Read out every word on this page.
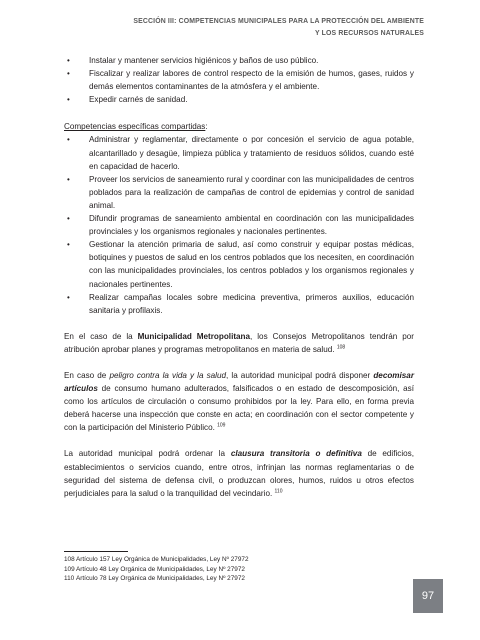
SECCIÓN III: COMPETENCIAS MUNICIPALES PARA LA PROTECCIÓN DEL AMBIENTE
Y LOS RECURSOS NATURALES
• Instalar y mantener servicios higiénicos y baños de uso público.
• Fiscalizar y realizar labores de control respecto de la emisión de humos, gases, ruidos y demás elementos contaminantes de la atmósfera y el ambiente.
• Expedir carnés de sanidad.
Competencias específicas compartidas:
• Administrar y reglamentar, directamente o por concesión el servicio de agua potable, alcantarillado y desagüe, limpieza pública y tratamiento de residuos sólidos, cuando esté en capacidad de hacerlo.
• Proveer los servicios de saneamiento rural y coordinar con las municipalidades de centros poblados para la realización de campañas de control de epidemias y control de sanidad animal.
• Difundir programas de saneamiento ambiental en coordinación con las municipalidades provinciales y los organismos regionales y nacionales pertinentes.
• Gestionar la atención primaria de salud, así como construir y equipar postas médicas, botiquines y puestos de salud en los centros poblados que los necesiten, en coordinación con las municipalidades provinciales, los centros poblados y los organismos regionales y nacionales pertinentes.
• Realizar campañas locales sobre medicina preventiva, primeros auxilios, educación sanitaria y profilaxis.

En el caso de la Municipalidad Metropolitana, los Consejos Metropolitanos tendrán por atribución aprobar planes y programas metropolitanos en materia de salud. $^{108}$

En caso de peligro contra la vida y la salud, la autoridad municipal podrá disponer decomisar artículos de consumo humano adulterados, falsificados o en estado de descomposición, así como los artículos de circulación o consumo prohibidos por la ley. Para ello, en forma previa deberá hacerse una inspección que conste en acta; en coordinación con el sector competente y con la participación del Ministerio Público. $^{109}$

La autoridad municipal podrá ordenar la clausura transitoria o definitiva de edificios, establecimientos o servicios cuando, entre otros, infrinjan las normas reglamentarias o de seguridad del sistema de defensa civil, o produzcan olores, humos, ruidos u otros efectos perjudiciales para la salud o la tranquilidad del vecindario. $^{110}$

108Artículo 157 Ley Orgánica de Municipalidades, Ley Nº 27972
109Artículo 48 Ley Orgánica de Municipalidades, Ley Nº 27972
110 Artículo 78 Ley Orgánica de Municipalidades, Ley Nº 27972
97
